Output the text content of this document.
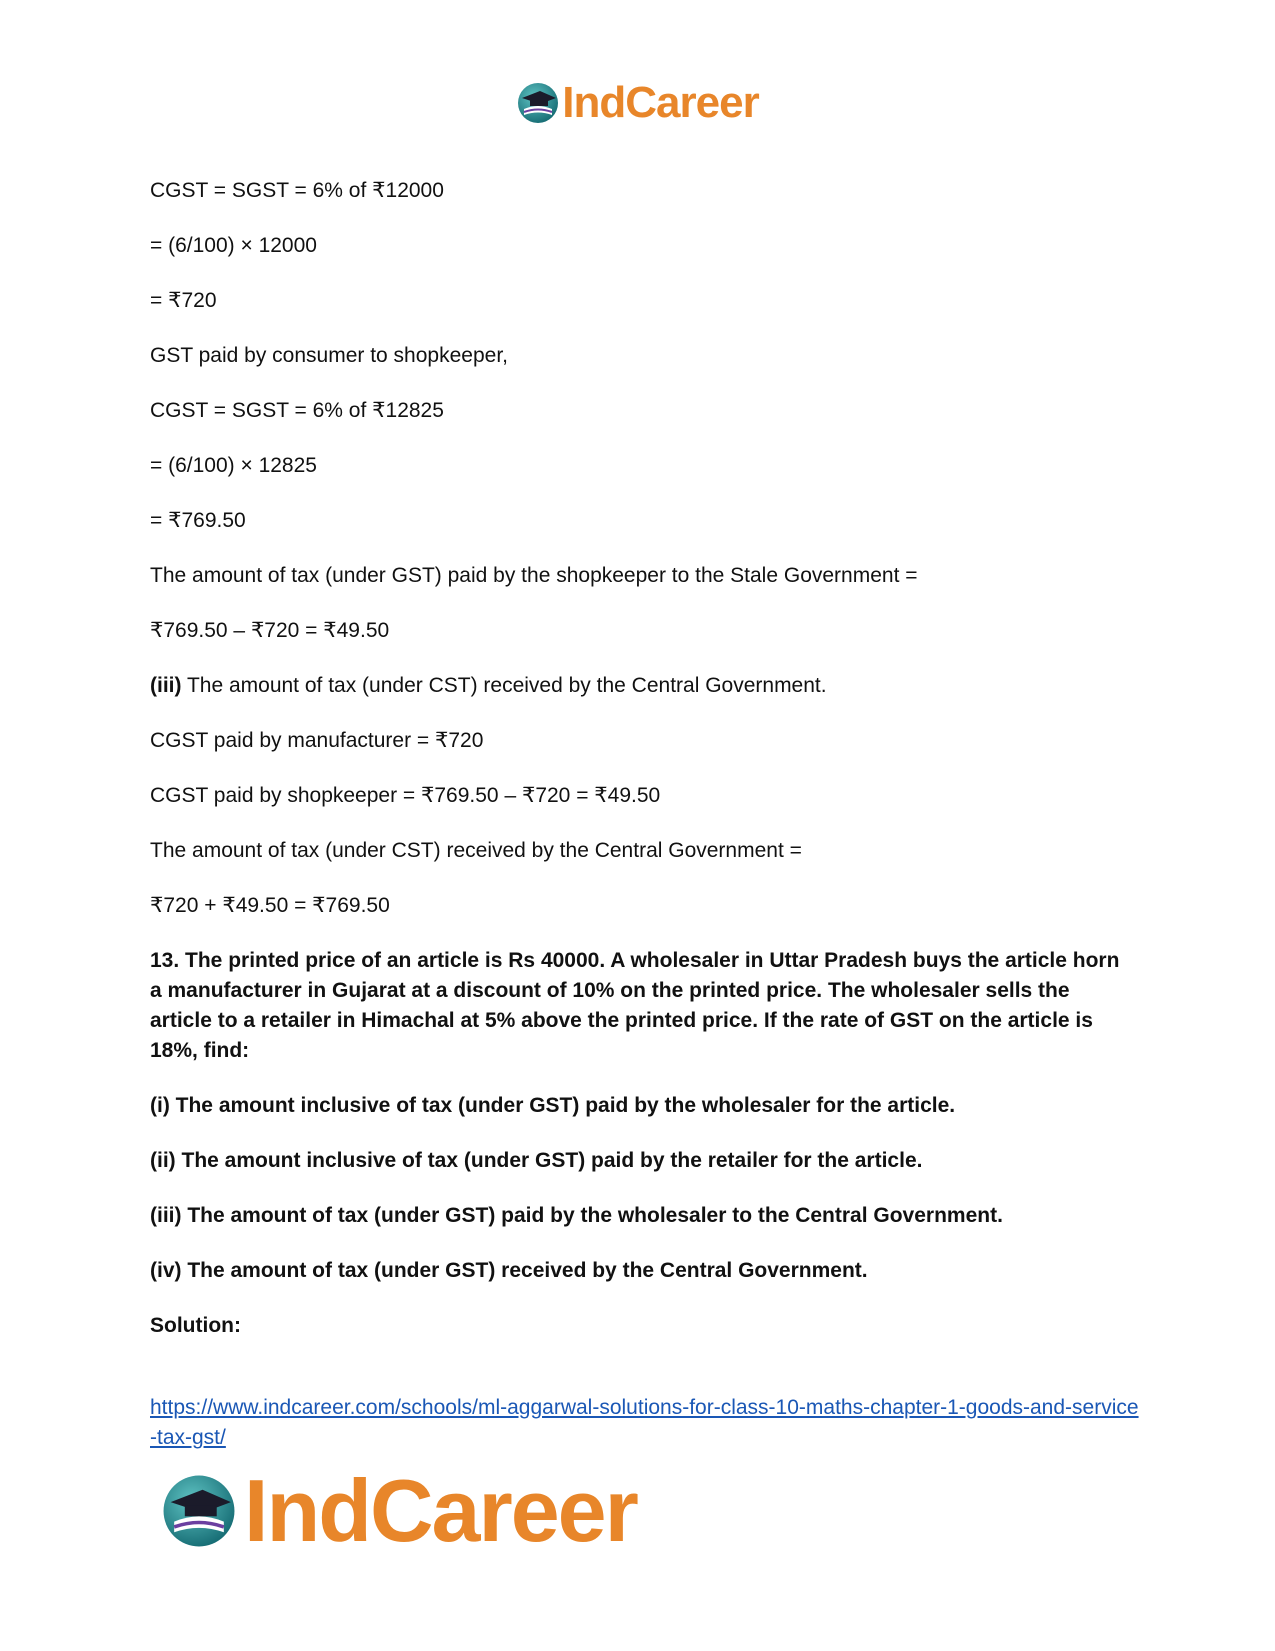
IndCareer

CGST = SGST = 6% of ₹12000

= (6/100) × 12000

= ₹720

GST paid by consumer to shopkeeper,

CGST = SGST = 6% of ₹12825

= (6/100) × 12825

= ₹769.50

The amount of tax (under GST) paid by the shopkeeper to the Stale Government =

₹769.50 – ₹720 = ₹49.50

(iii) The amount of tax (under CST) received by the Central Government.

CGST paid by manufacturer = ₹720

CGST paid by shopkeeper = ₹769.50 – ₹720 = ₹49.50

The amount of tax (under CST) received by the Central Government =

₹720 + ₹49.50 = ₹769.50

13. The printed price of an article is Rs 40000. A wholesaler in Uttar Pradesh buys the article horn a manufacturer in Gujarat at a discount of 10% on the printed price. The wholesaler sells the article to a retailer in Himachal at 5% above the printed price. If the rate of GST on the article is 18%, find:

(i) The amount inclusive of tax (under GST) paid by the wholesaler for the article.

(ii) The amount inclusive of tax (under GST) paid by the retailer for the article.

(iii) The amount of tax (under GST) paid by the wholesaler to the Central Government.

(iv) The amount of tax (under GST) received by the Central Government.

Solution:

https://www.indcareer.com/schools/ml-aggarwal-solutions-for-class-10-maths-chapter-1-goods-and-service-tax-gst/
IndCareer
